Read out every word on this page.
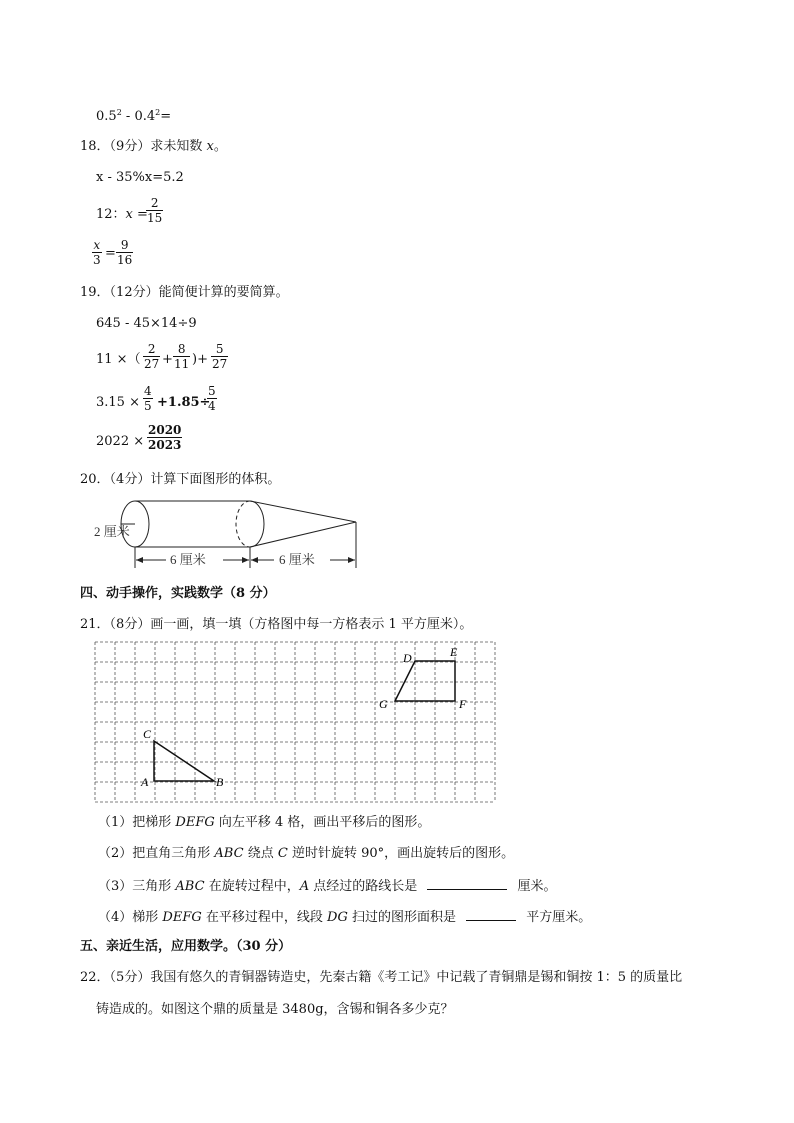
$0.5^2 - 0.4^2=$
18．（9分）求未知数 x。
x - 35%x=5.2
12：x =
2
15
x
3 =
9
16
19．（12分）能简便计算的要简算。
645 - 45×14÷9
11 ×（
2
27 +
8
11 )+
5
27
3.15 ×
4
5 +1.85÷
5
4
2022 ×
2020
2023
20．（4分）计算下面图形的体积。
2 厘米
6 厘米	6 厘米
四、动手操作，实践数学（8 分）
21．（8分）画一画，填一填（方格图中每一方格表示 1 平方厘米）。
D	E
F
G
C
A	B
（1）把梯形 DEFG 向左平移 4 格，画出平移后的图形。
（2）把直角三角形 ABC 绕点 C 逆时针旋转 90°，画出旋转后的图形。
（3）三角形 ABC 在旋转过程中，A 点经过的路线长是	厘米。
（4）梯形 DEFG 在平移过程中，线段 DG 扫过的图形面积是	平方厘米。
五、亲近生活，应用数学。（30 分）
22．（5分）我国有悠久的青铜器铸造史，先秦古籍《考工记》中记载了青铜鼎是锡和铜按 1：5 的质量比
铸造成的。如图这个鼎的质量是 3480g，含锡和铜各多少克？
